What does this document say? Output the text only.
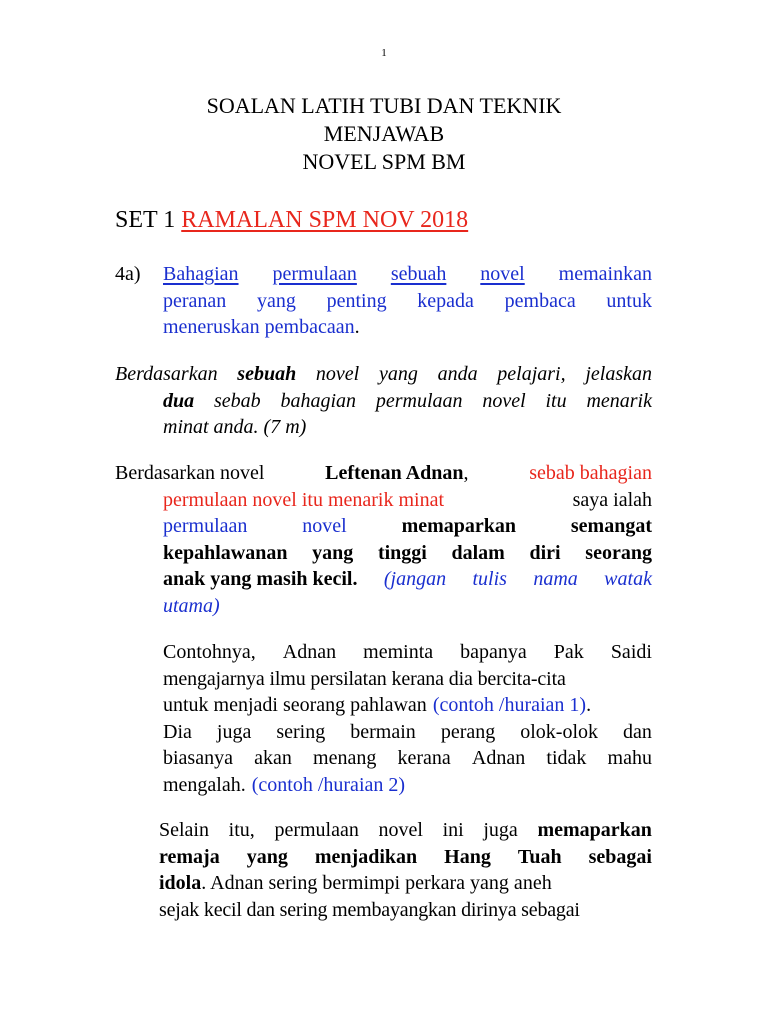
1
SOALAN LATIH TUBI DAN TEKNIK
MENJAWAB
NOVEL SPM BM
SET 1 RAMALAN SPM NOV 2018
4a) Bahagian permulaan sebuah novel memainkan
peranan yang penting kepada pembaca untuk
meneruskan pembacaan .
Berdasarkan sebuah novel yang anda pelajari, jelaskan
dua sebab bahagian permulaan novel itu menarik
minat anda. (7 m)
Berdasarkan novel	Leftenan Adnan,	sebab bahagian
permulaan novel itu menarik minat	saya ialah
permulaan	novel	memaparkan	semangat
kepahlawanan yang tinggi dalam diri seorang
anak yang masih kecil. (jangan tulis nama watak
utama)
Contohnya, Adnan meminta bapanya Pak Saidi
mengajarnya ilmu persilatan kerana dia bercita-cita
untuk menjadi seorang pahlawan (contoh /huraian 1).
Dia juga sering bermain perang olok-olok dan
biasanya akan menang kerana Adnan tidak mahu
mengalah. (contoh /huraian 2)
Selain itu, permulaan novel ini juga memaparkan
remaja yang menjadikan Hang Tuah sebagai
idola . Adnan sering bermimpi perkara yang aneh
sejak kecil dan sering membayangkan dirinya sebagai
